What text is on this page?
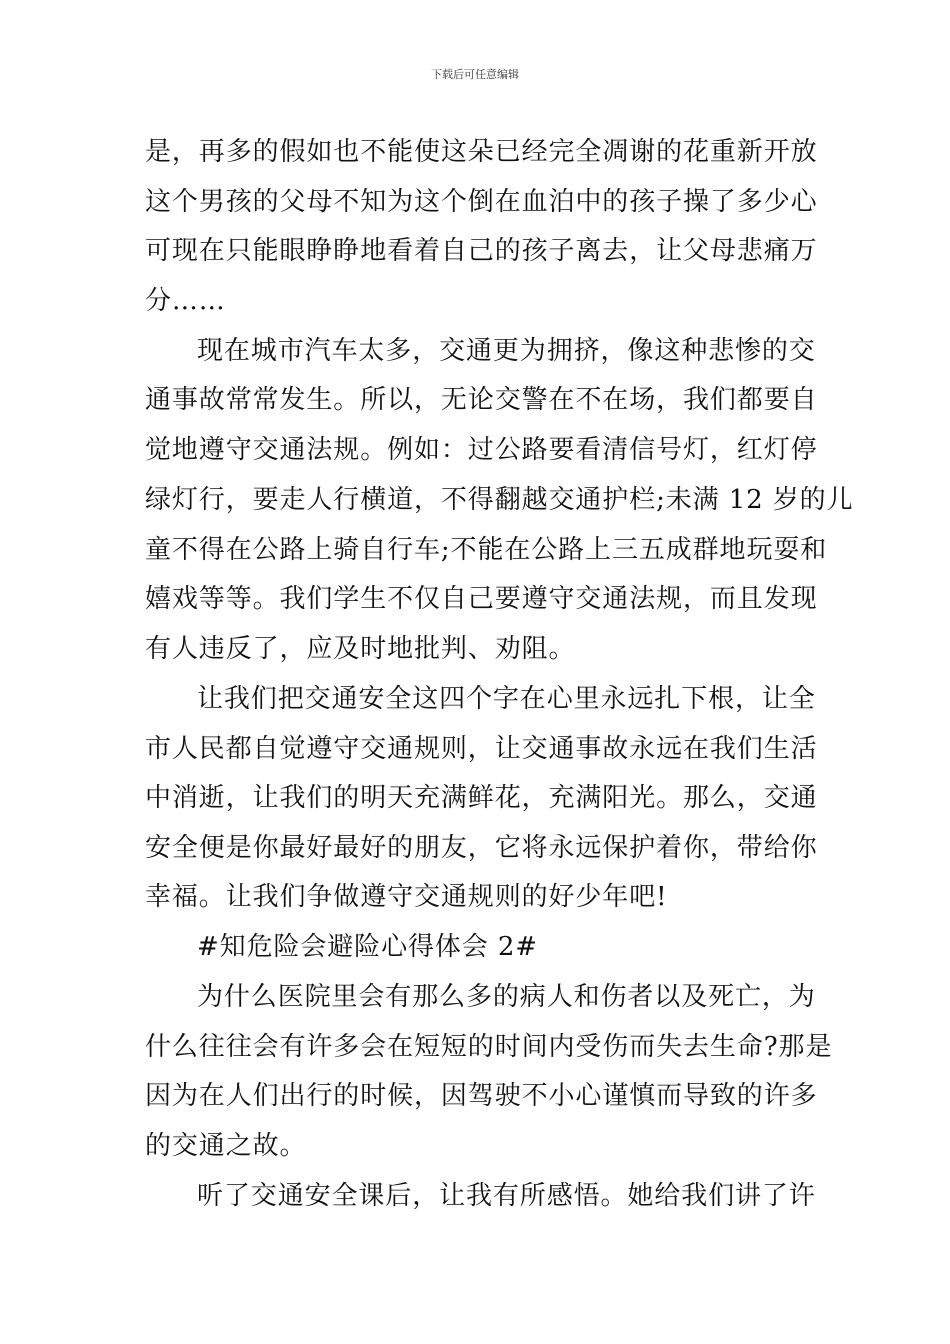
下载后可任意编辑
是，再多的假如也不能使这朵已经完全凋谢的花重新开放
这个男孩的父母不知为这个倒在血泊中的孩子操了多少心
可现在只能眼睁睁地看着自己的孩子离去，让父母悲痛万
分……
现在城市汽车太多，交通更为拥挤，像这种悲惨的交
通事故常常发生。所以，无论交警在不在场，我们都要自
觉地遵守交通法规。例如：过公路要看清信号灯，红灯停
绿灯行，要走人行横道，不得翻越交通护栏;未满 12 岁的儿
童不得在公路上骑自行车;不能在公路上三五成群地玩耍和
嬉戏等等。我们学生不仅自己要遵守交通法规，而且发现
有人违反了，应及时地批判、劝阻。
让我们把交通安全这四个字在心里永远扎下根，让全
市人民都自觉遵守交通规则，让交通事故永远在我们生活
中消逝，让我们的明天充满鲜花，充满阳光。那么，交通
安全便是你最好最好的朋友，它将永远保护着你，带给你
幸福。让我们争做遵守交通规则的好少年吧!
#知危险会避险心得体会 2#
为什么医院里会有那么多的病人和伤者以及死亡，为
什么往往会有许多会在短短的时间内受伤而失去生命?那是
因为在人们出行的时候，因驾驶不小心谨慎而导致的许多
的交通之故。
听了交通安全课后，让我有所感悟。她给我们讲了许
